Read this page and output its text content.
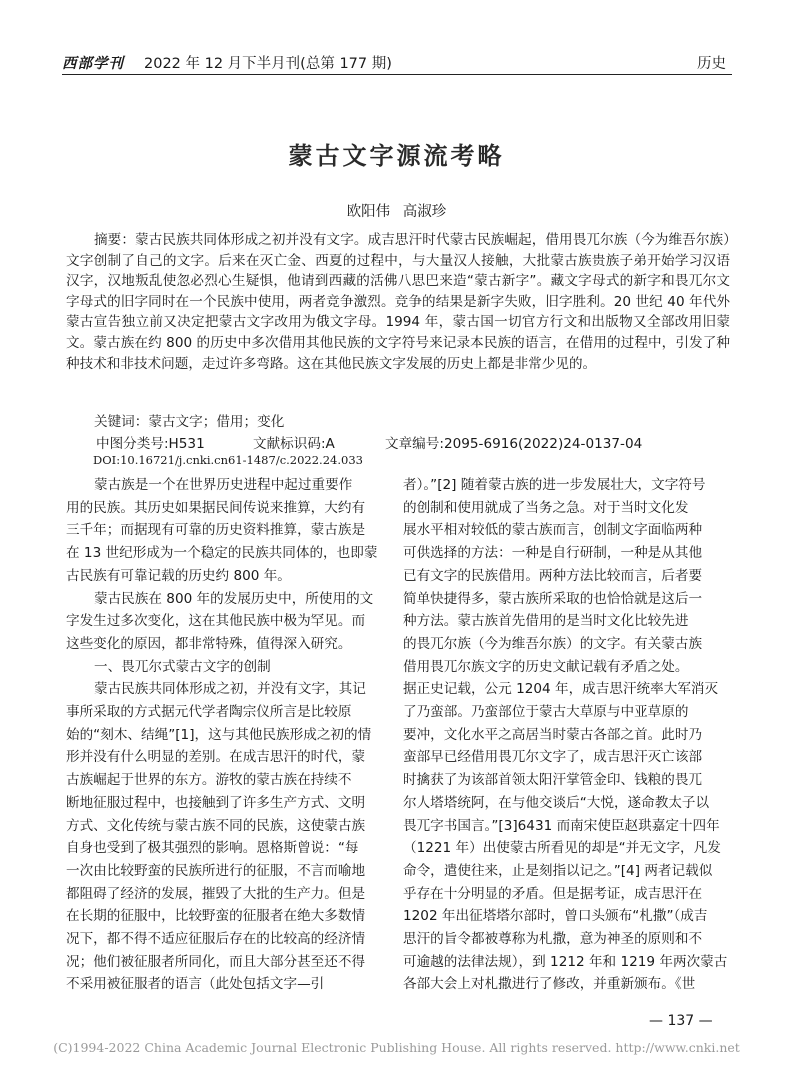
西部学刊 2022 年 12 月下半月刊(总第 177 期)	历史
蒙古文字源流考略
欧阳伟 高淑珍
摘要：蒙古民族共同体形成之初并没有文字。成吉思汗时代蒙古民族崛起，借用畏兀尔族（今为维吾尔族）文字创制了自己的文字。后来在灭亡金、西夏的过程中，与大量汉人接触，大批蒙古族贵族子弟开始学习汉语汉字，汉地叛乱使忽必烈心生疑惧，他请到西藏的活佛八思巴来造“蒙古新字”。藏文字母式的新字和畏兀尔文字母式的旧字同时在一个民族中使用，两者竞争激烈。竞争的结果是新字失败，旧字胜利。20 世纪 40 年代外蒙古宣告独立前又决定把蒙古文字改用为俄文字母。1994 年，蒙古国一切官方行文和出版物又全部改用旧蒙文。蒙古族在约 800 的历史中多次借用其他民族的文字符号来记录本民族的语言，在借用的过程中，引发了种种技术和非技术问题，走过许多弯路。这在其他民族文字发展的历史上都是非常少见的。
关键词：蒙古文字；借用；变化
中图分类号:H531	文献标识码:A	文章编号:2095-6916(2022)24-0137-04
DOI:10.16721/j.cnki.cn61-1487/c.2022.24.033

蒙古族是一个在世界历史进程中起过重要作
用的民族。其历史如果据民间传说来推算，大约有
三千年；而据现有可靠的历史资料推算，蒙古族是
在 13 世纪形成为一个稳定的民族共同体的，也即蒙
古民族有可靠记载的历史约 800 年。

蒙古民族在 800 年的发展历史中，所使用的文
字发生过多次变化，这在其他民族中极为罕见。而
这些变化的原因，都非常特殊，值得深入研究。

一、畏兀尔式蒙古文字的创制

蒙古民族共同体形成之初，并没有文字，其记
事所采取的方式据元代学者陶宗仪所言是比较原
始的“刻木、结绳”[1]，这与其他民族形成之初的情
形并没有什么明显的差别。在成吉思汗的时代，蒙
古族崛起于世界的东方。游牧的蒙古族在持续不
断地征服过程中，也接触到了许多生产方式、文明
方式、文化传统与蒙古族不同的民族，这使蒙古族
自身也受到了极其强烈的影响。恩格斯曾说：“每
一次由比较野蛮的民族所进行的征服，不言而喻地
都阻碍了经济的发展，摧毁了大批的生产力。但是
在长期的征服中，比较野蛮的征服者在绝大多数情
况下，都不得不适应征服后存在的比较高的经济情
况；他们被征服者所同化，而且大部分甚至还不得
不采用被征服者的语言（此处包括文字—引

者）。”[2] 随着蒙古族的进一步发展壮大，文字符号
的创制和使用就成了当务之急。对于当时文化发
展水平相对较低的蒙古族而言，创制文字面临两种
可供选择的方法：一种是自行研制，一种是从其他
已有文字的民族借用。两种方法比较而言，后者要
简单快捷得多，蒙古族所采取的也恰恰就是这后一
种方法。蒙古族首先借用的是当时文化比较先进
的畏兀尔族（今为维吾尔族）的文字。有关蒙古族
借用畏兀尔族文字的历史文献记载有矛盾之处。
据正史记载，公元 1204 年，成吉思汗统率大军消灭
了乃蛮部。乃蛮部位于蒙古大草原与中亚草原的
要冲，文化水平之高居当时蒙古各部之首。此时乃
蛮部早已经借用畏兀尔文字了，成吉思汗灭亡该部
时擒获了为该部首领太阳汗掌管金印、钱粮的畏兀
尔人塔塔统阿，在与他交谈后“大悦，遂命教太子以
畏兀字书国言。”[3]6431 而南宋使臣赵珙嘉定十四年
（1221 年）出使蒙古所看见的却是“并无文字，凡发
命令，遣使往来，止是刻指以记之。”[4] 两者记载似
乎存在十分明显的矛盾。但是据考证，成吉思汗在
1202 年出征塔塔尔部时，曾口头颁布“札撒”（成吉
思汗的旨令都被尊称为札撒，意为神圣的原则和不
可逾越的法律法规），到 1212 年和 1219 年两次蒙古
各部大会上对札撒进行了修改，并重新颁布。《世

— 137 —
(C)1994-2022 China Academic Journal Electronic Publishing House. All rights reserved. http://www.cnki.net
